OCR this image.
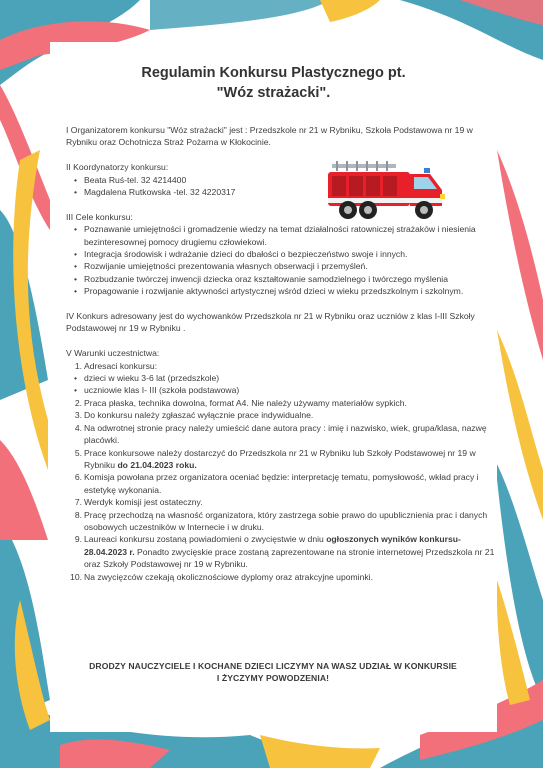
Regulamin Konkursu Plastycznego pt.
"Wóz strażacki".

I Organizatorem konkursu "Wóz strażacki" jest : Przedszkole nr 21 w Rybniku, Szkoła Podstawowa nr 19 w Rybniku oraz Ochotnicza Straż Pożarna w Kłokocinie.

II Koordynatorzy konkursu:

• Beata Ruś-tel. 32 4214400
• Magdalena Rutkowska -tel. 32 4220317

III Cele konkursu:

• Poznawanie umiejętności i gromadzenie wiedzy na temat działalności ratowniczej strażaków i niesienia bezinteresownej pomocy drugiemu człowiekowi.
• Integracja środowisk i wdrażanie dzieci do dbałości o bezpieczeństwo swoje i innych.
• Rozwijanie umiejętności prezentowania własnych obserwacji i przemyśleń.
• Rozbudzanie twórczej inwencji dziecka oraz kształtowanie samodzielnego i twórczego myślenia
• Propagowanie i rozwijanie aktywności artystycznej wśród dzieci w wieku przedszkolnym i szkolnym.

IV Konkurs adresowany jest do wychowanków Przedszkola nr 21 w Rybniku oraz uczniów z klas I-III Szkoły Podstawowej nr 19 w Rybniku .

V Warunki uczestnictwa:

1. Adresaci konkursu:
• dzieci w wieku 3-6 lat (przedszkole)
• uczniowie klas I- III (szkoła podstawowa)
2. Praca płaska, technika dowolna, format A4. Nie należy używamy materiałów sypkich.
3. Do konkursu należy zgłaszać wyłącznie prace indywidualne.
4. Na odwrotnej stronie pracy należy umieścić dane autora pracy : imię i nazwisko, wiek, grupa/klasa, nazwę placówki.
5. Prace konkursowe należy dostarczyć do Przedszkola nr 21 w Rybniku lub Szkoły Podstawowej nr 19 w Rybniku do 21.04.2023 roku.
6. Komisja powołana przez organizatora oceniać będzie: interpretację tematu, pomysłowość, wkład pracy i estetykę wykonania.
7. Werdyk komisji jest ostateczny.
8. Pracę przechodzą na własność organizatora, który zastrzega sobie prawo do upublicznienia prac i danych osobowych uczestników w Internecie i w druku.
9. Laureaci konkursu zostaną powiadomieni o zwycięstwie w dniu ogłoszonych wyników konkursu- 28.04.2023 r. Ponadto zwycięskie prace zostaną zaprezentowane na stronie internetowej Przedszkola nr 21 oraz Szkoły Podstawowej nr 19 w Rybniku.
10. Na zwycięzców czekają okolicznościowe dyplomy oraz atrakcyjne upominki.
DRODZY NAUCZYCIELE I KOCHANE DZIECI LICZYMY NA WASZ UDZIAŁ W KONKURSIE
I ŻYCZYMY POWODZENIA!
